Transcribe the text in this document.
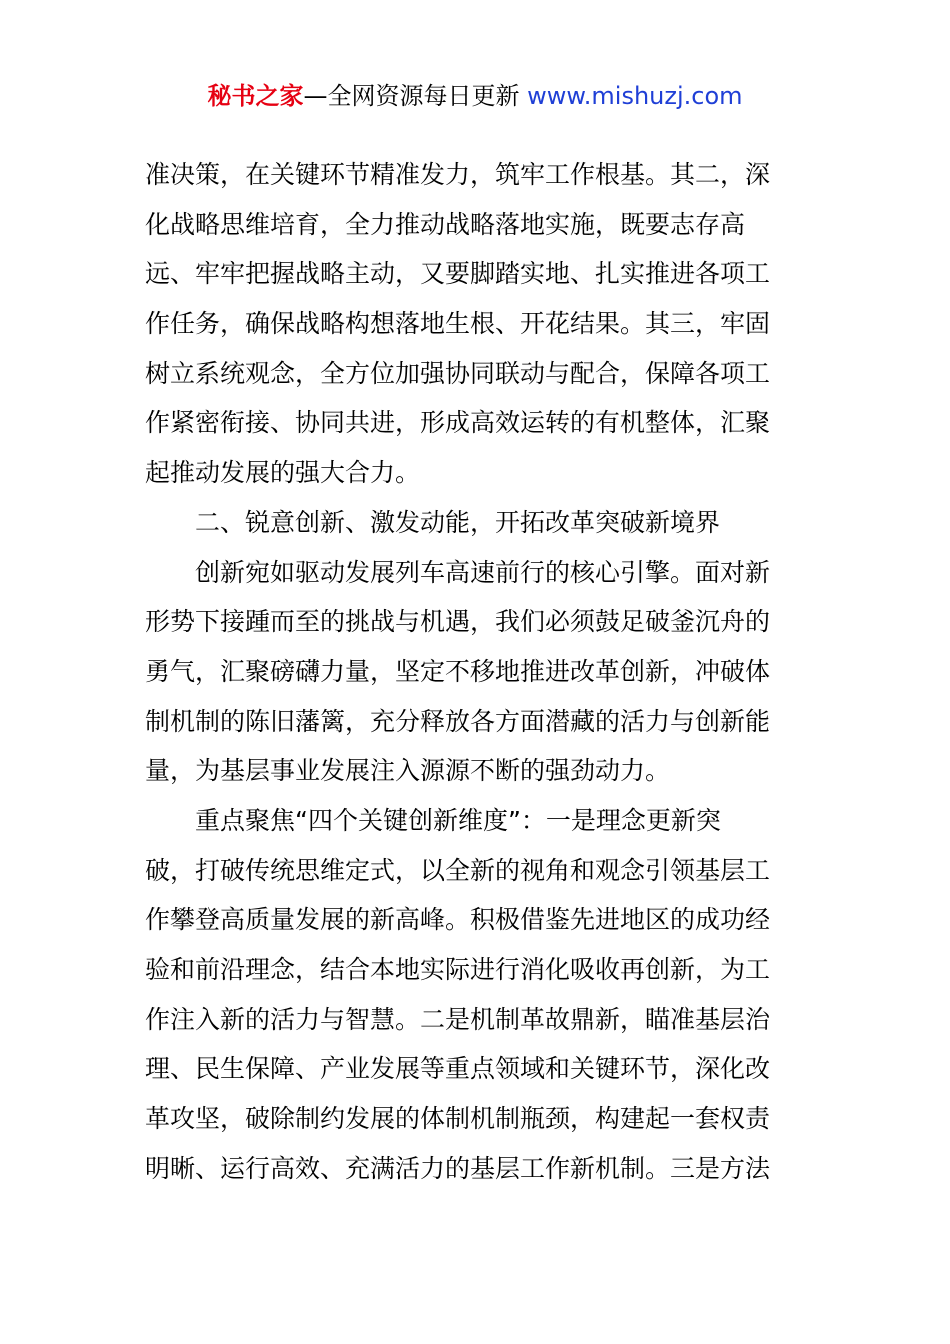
秘书之家—全网资源每日更新 www.mishuzj.com
准决策，在关键环节精准发力，筑牢工作根基。其二，深
化战略思维培育，全力推动战略落地实施，既要志存高
远、牢牢把握战略主动，又要脚踏实地、扎实推进各项工
作任务，确保战略构想落地生根、开花结果。其三，牢固
树立系统观念，全方位加强协同联动与配合，保障各项工
作紧密衔接、协同共进，形成高效运转的有机整体，汇聚
起推动发展的强大合力。
二、锐意创新、激发动能，开拓改革突破新境界
创新宛如驱动发展列车高速前行的核心引擎。面对新
形势下接踵而至的挑战与机遇，我们必须鼓足破釜沉舟的
勇气，汇聚磅礴力量，坚定不移地推进改革创新，冲破体
制机制的陈旧藩篱，充分释放各方面潜藏的活力与创新能
量，为基层事业发展注入源源不断的强劲动力。
重点聚焦“四个关键创新维度”：一是理念更新突
破，打破传统思维定式，以全新的视角和观念引领基层工
作攀登高质量发展的新高峰。积极借鉴先进地区的成功经
验和前沿理念，结合本地实际进行消化吸收再创新，为工
作注入新的活力与智慧。二是机制革故鼎新，瞄准基层治
理、民生保障、产业发展等重点领域和关键环节，深化改
革攻坚，破除制约发展的体制机制瓶颈，构建起一套权责
明晰、运行高效、充满活力的基层工作新机制。三是方法
